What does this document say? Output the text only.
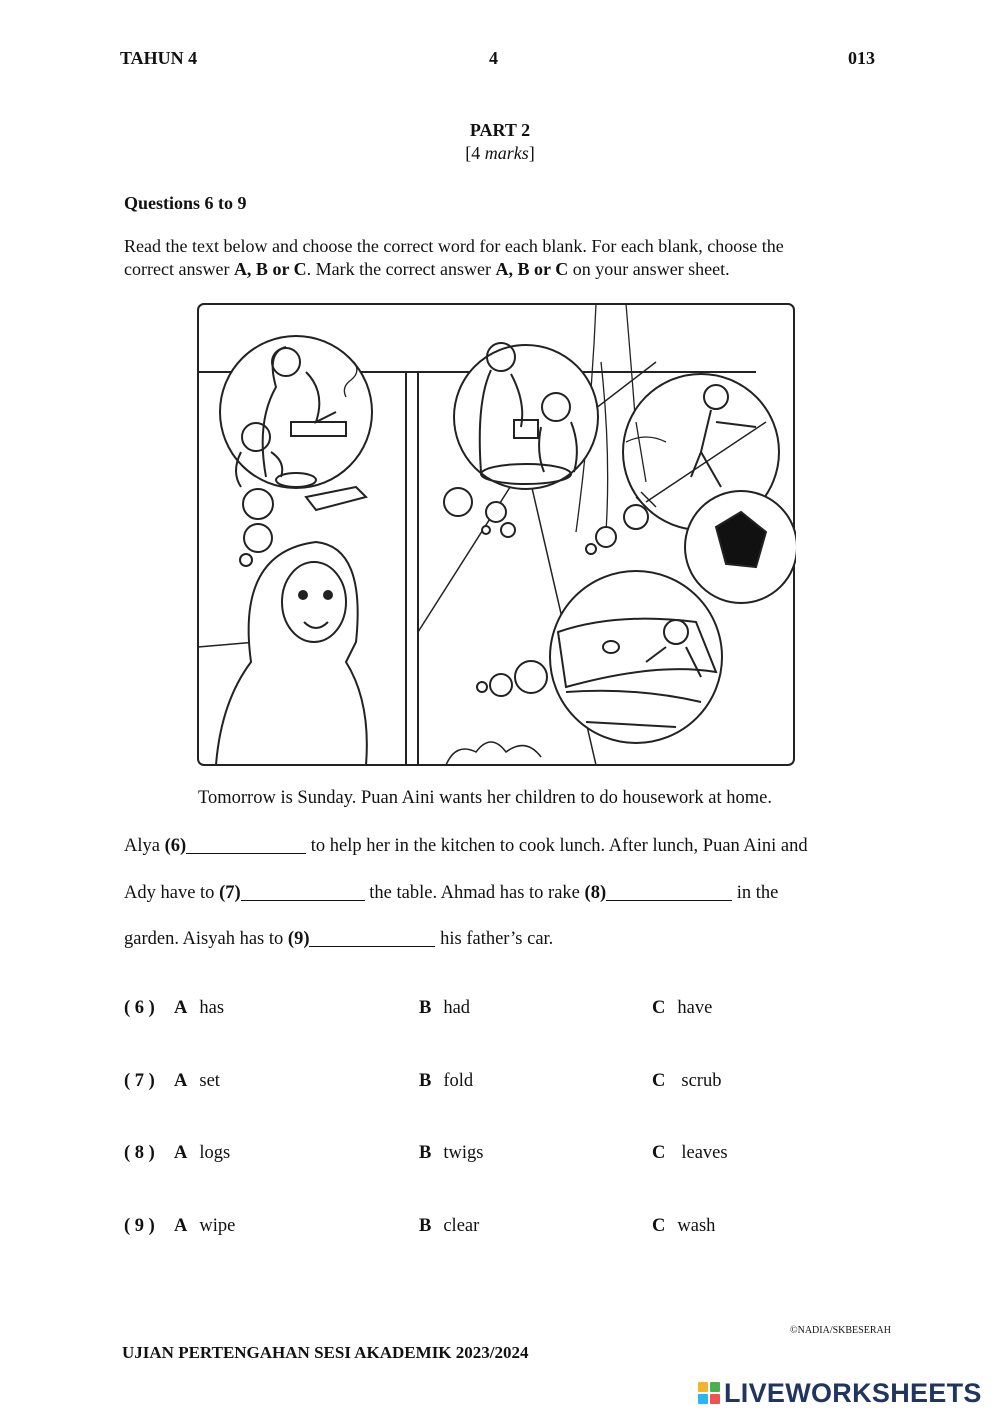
TAHUN 4	4	013
PART 2
[4 marks]
Questions 6 to 9
Read the text below and choose the correct word for each blank. For each blank, choose the
correct answer A, B or C. Mark the correct answer A, B or C on your answer sheet.
Tomorrow is Sunday. Puan Aini wants her children to do housework at home.
Alya (6)	to help her in the kitchen to cook lunch. After lunch, Puan Aini and
Ady have to (7)	the table. Ahmad has to rake (8)	in the
garden. Aisyah has to (9)	his father’s car.
( 6 ) A has	B had	C have
( 7 ) A set	B fold	C scrub
( 8 ) A logs	B twigs	C leaves
( 9 ) A wipe	B clear	C wash
©NADIA/SKBESERAH
UJIAN PERTENGAHAN SESI AKADEMIK 2023/2024
LIVEWORKSHEETS
